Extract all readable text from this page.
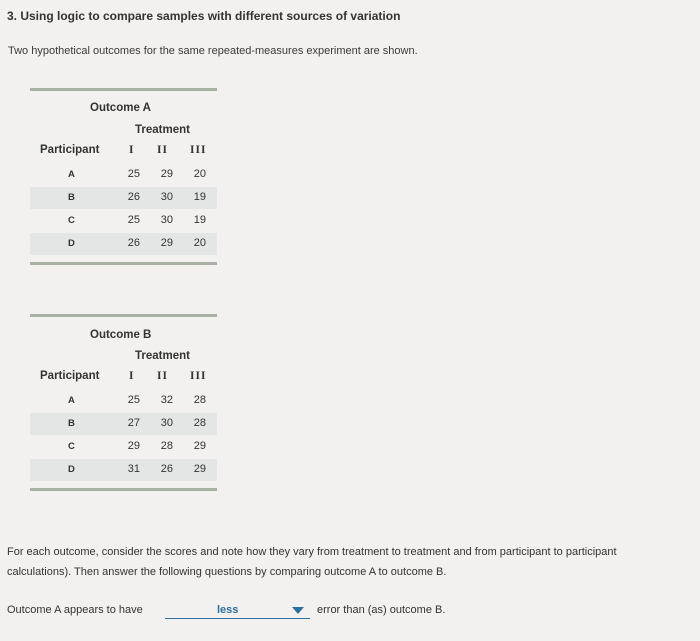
3. Using logic to compare samples with different sources of variation
Two hypothetical outcomes for the same repeated-measures experiment are shown.
Outcome A
Treatment
Participant	I II III
A	25	29	20
B	26	30	19
C	25	30	19
D	26	29	20
Outcome B
Treatment
Participant	I II III
A	25	32	28
B	27	30	28
C	29	28	29
D	31	26	29
For each outcome, consider the scores and note how they vary from treatment to treatment and from participant to participant
calculations). Then answer the following questions by comparing outcome A to outcome B.
Outcome A appears to have	less	error than (as) outcome B.
